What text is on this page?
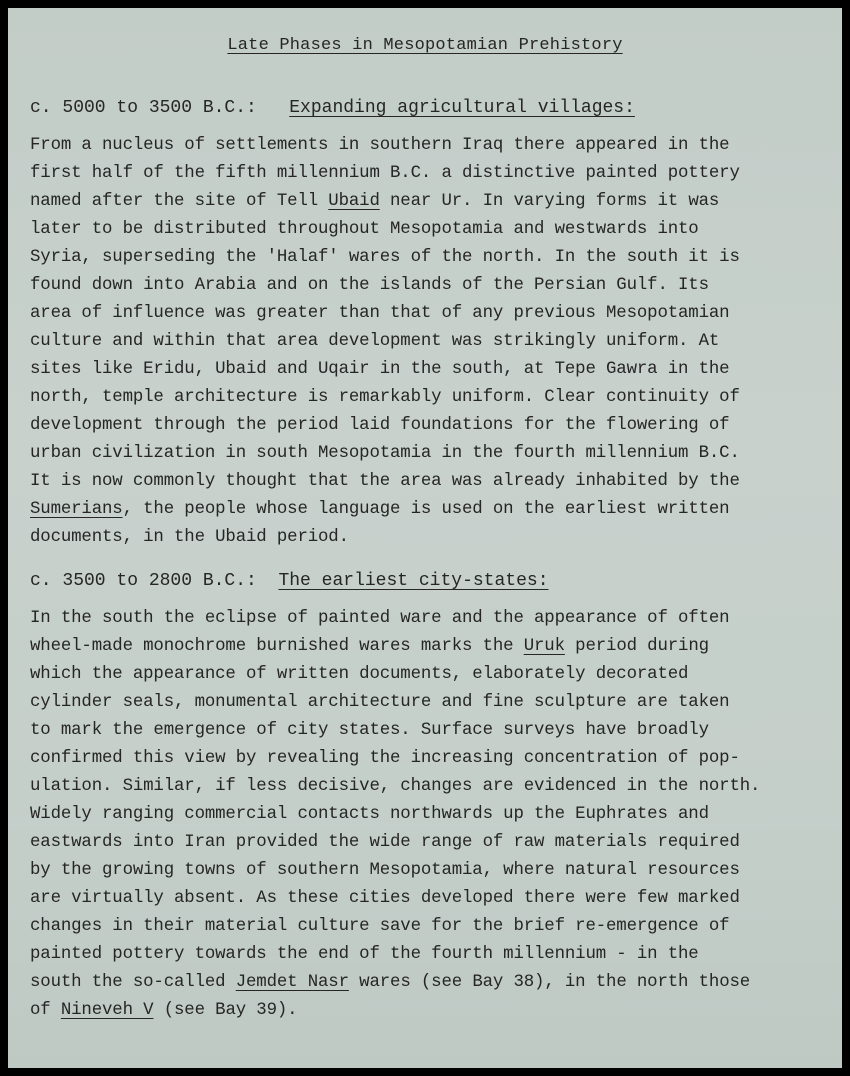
Late Phases in Mesopotamian Prehistory
c. 5000 to 3500 B.C.: Expanding agricultural villages:
From a nucleus of settlements in southern Iraq there appeared in the
first half of the fifth millennium B.C. a distinctive painted pottery
named after the site of Tell Ubaid near Ur. In varying forms it was
later to be distributed throughout Mesopotamia and westwards into
Syria, superseding the 'Halaf' wares of the north. In the south it is
found down into Arabia and on the islands of the Persian Gulf. Its
area of influence was greater than that of any previous Mesopotamian
culture and within that area development was strikingly uniform. At
sites like Eridu, Ubaid and Uqair in the south, at Tepe Gawra in the
north, temple architecture is remarkably uniform. Clear continuity of
development through the period laid foundations for the flowering of
urban civilization in south Mesopotamia in the fourth millennium B.C.
It is now commonly thought that the area was already inhabited by the
Sumerians, the people whose language is used on the earliest written
documents, in the Ubaid period.
c. 3500 to 2800 B.C.: The earliest city-states:
In the south the eclipse of painted ware and the appearance of often
wheel-made monochrome burnished wares marks the Uruk period during
which the appearance of written documents, elaborately decorated
cylinder seals, monumental architecture and fine sculpture are taken
to mark the emergence of city states. Surface surveys have broadly
confirmed this view by revealing the increasing concentration of pop-
ulation. Similar, if less decisive, changes are evidenced in the north.
Widely ranging commercial contacts northwards up the Euphrates and
eastwards into Iran provided the wide range of raw materials required
by the growing towns of southern Mesopotamia, where natural resources
are virtually absent. As these cities developed there were few marked
changes in their material culture save for the brief re-emergence of
painted pottery towards the end of the fourth millennium - in the
south the so-called Jemdet Nasr wares (see Bay 38), in the north those
of Nineveh V (see Bay 39).
